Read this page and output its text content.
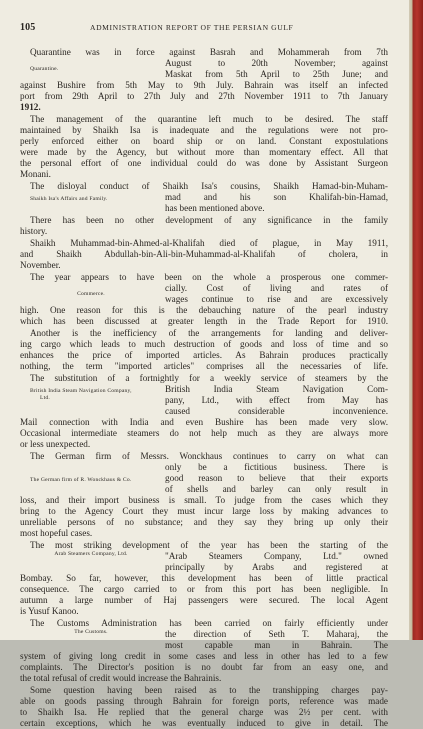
105	ADMINISTRATION REPORT OF THE PERSIAN GULF
Quarantine was in force against Basrah and Mohammerah from 7th
August to 20th November; against
Quarantine.	Maskat from 5th April to 25th June; and
against Bushire from 5th May to 9th July. Bahrain was itself an infected
port from 29th April to 27th July and 27th November 1911 to 7th January
1912.
The management of the quarantine left much to be desired. The staff
maintained by Shaikh Isa is inadequate and the regulations were not pro-
perly enforced either on board ship or on land. Constant expostulations
were made by the Agency, but without more than momentary effect. All that
the personal effort of one individual could do was done by Assistant Surgeon
Monani.
The disloyal conduct of Shaikh Isa's cousins, Shaikh Hamad-bin-Muham-
Shaikh Isa's Affairs and Family.	mad and his son Khalifah-bin-Hamad,
has been mentioned above.
There has been no other development of any significance in the family
history.
Shaikh Muhammad-bin-Ahmed-al-Khalifah died of plague, in May 1911,
and Shaikh Abdullah-bin-Ali-bin-Muhammad-al-Khalifah of cholera, in
November.
The year appears to have been on the whole a prosperous one commer-
cially. Cost of living and rates of
Commerce.	wages continue to rise and are excessively
high. One reason for this is the debauching nature of the pearl industry
which has been discussed at greater length in the Trade Report for 1910.
Another is the inefficiency of the arrangements for landing and deliver-
ing cargo which leads to much destruction of goods and loss of time and so
enhances the price of imported articles. As Bahrain produces practically
nothing, the term "imported articles" comprises all the necessaries of life.
The substitution of a fortnightly for a weekly service of steamers by the
British India Steam Navigation Com-
British India Steam Navigation Company,
Ltd.	pany, Ltd., with effect from May has
caused considerable inconvenience.
Mail connection with India and even Bushire has been made very slow.
Occasional intermediate steamers do not help much as they are always more
or less unexpected.
The German firm of Messrs. Wonckhaus continues to carry on what can
only be a fictitious business. There is
The German firm of R. Wonckhaus & Co.	good reason to believe that their exports
of shells and barley can only result in
loss, and their import business is small. To judge from the cases which they
bring to the Agency Court they must incur large loss by making advances to
unreliable persons of no substance; and they say they bring up only their
most hopeful cases.
The most striking development of the year has been the starting of the
Arab Steamers Company, Ltd.	"Arab Steamers Company, Ltd." owned
principally by Arabs and registered at
Bombay. So far, however, this development has been of little practical
consequence. The cargo carried to or from this port has been negligible. In
autumn a large number of Haj passengers were secured. The local Agent
is Yusuf Kanoo.
The Customs Administration has been carried on fairly efficiently under
The Customs.	the direction of Seth T. Maharaj, the
most capable man in Bahrain. The
system of giving long credit in some cases and less in other has led to a few
complaints. The Director's position is no doubt far from an easy one, and
the total refusal of credit would increase the Bahrainis.
Some question having been raised as to the transhipping charges pay-
able on goods passing through Bahrain for foreign ports, reference was made
to Shaikh Isa. He replied that the general charge was 2½ per cent. with
certain exceptions, which he was eventually induced to give in detail. The
